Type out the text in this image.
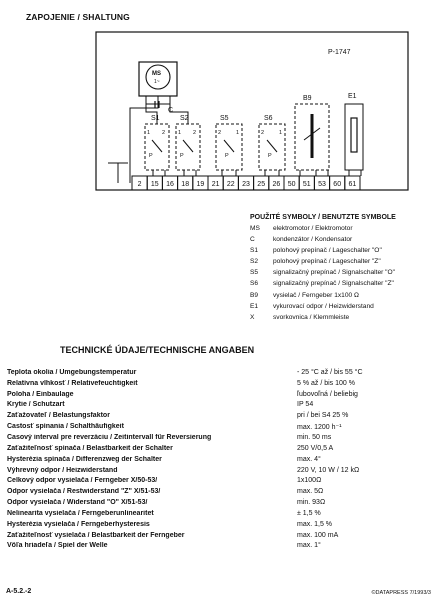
ZAPOJENIE / SHALTUNG
P-1747
MS
1~
C
S1	S2	S5	S6
B9	E1
1 2
P
1 2
P
2	1
P
2	1
P
2 15 16 18 19 21 22 23 25 26 50 51 53 60 61
POUŽITÉ SYMBOLY / BENUTZTE SYMBOLE
MS	elektromotor / Elektromotor
C	kondenzátor / Kondensator
S1	polohový prepínač / Lageschalter "O"
S2	polohový prepínač / Lageschalter "Z"
S5	signalizačný prepínač / Signalschalter "O"
S6	signalizačný prepínač / Signalschalter "Z"
B9	vysielač / Ferngeber 1x100 Ω
E1	vykurovací odpor / Heizwiderstand
X	svorkovnica / Klemmleiste
TECHNICKÉ ÚDAJE/TECHNISCHE ANGABEN
Teplota okolia / Umgebungstemperatur	- 25 °C až / bis 55 °C
Relatívna vlhkosť / Relativefeuchtigkeit	5 % až / bis 100 %
Poloha / Einbaulage	ľubovoľná / beliebig
Krytie / Schutzart	IP 54
Zaťažovateľ / Belastungsfaktor	pri / bei S4 25 %
Častosť spínania / Schalthäufigkeit	max. 1200 h⁻¹
Časový interval pre reverzáciu / Zeitintervall für Reversierung	min. 50 ms
Zaťažiteľnosť spínača / Belastbarkeit der Schalter	250 V/0,5 A
Hysterézia spínača / Differenzweg der Schalter	max. 4°
Výhrevný odpor / Heizwiderstand	220 V, 10 W / 12 kΩ
Celkový odpor vysielača / Ferngeber X/50-53/	1x100Ω
Odpor vysielača / Restwiderstand "Z" X/51-53/	max. 5Ω
Odpor vysielača / Widerstand "O" X/51-53/	min. 93Ω
Nelinearita vysielača / Ferngeberunlinearitet	± 1,5 %
Hysterézia vysielača / Ferngeberhysteresis	max. 1,5 %
Zaťažiteľnosť vysielača / Belastbarkeit der Ferngeber	max. 100 mA
Vôľa hriadeľa / Spiel der Welle	max. 1°
A-5.2.-2	©DATAPRESS 7/1993/3
